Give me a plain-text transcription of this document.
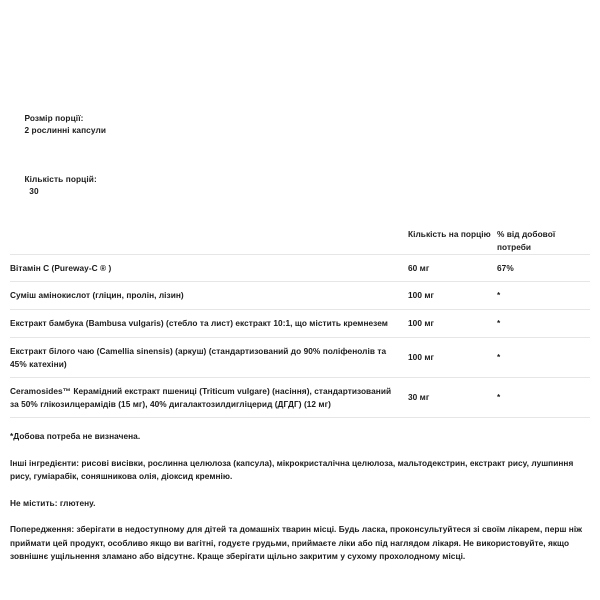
Розмір порції:
2 рослинні капсули

Кількість порцій:
30

	Кількість на порцію	% від добової потреби
Вітамін C (Pureway-C ® )	60 мг	67%
Суміш амінокислот (гліцин, пролін, лізин)	100 мг	*
Екстракт бамбука (Bambusa vulgaris) (стебло та лист) екстракт 10:1, що містить кремнезем	100 мг	*
Екстракт білого чаю (Camellia sinensis) (аркуш) (стандартизований до 90% поліфенолів та 45% катехіни)	100 мг	*
Ceramosides™ Керамідний екстракт пшениці (Triticum vulgare) (насіння), стандартизований за 50% глікозилцерамідів (15 мг), 40% дигалактозилдигліцерид (ДГДГ) (12 мг)	30 мг	*

*Добова потреба не визначена.

Інші інгредієнти: рисові висівки, рослинна целюлоза (капсула), мікрокристалічна целюлоза, мальтодекстрин, екстракт рису, лушпиння рису, гуміарабік, соняшникова олія, діоксид кремнію.

Не містить: глютену.

Попередження: зберігати в недоступному для дітей та домашніх тварин місці. Будь ласка, проконсультуйтеся зі своїм лікарем, перш ніж приймати цей продукт, особливо якщо ви вагітні, годуєте грудьми, приймаєте ліки або під наглядом лікаря. Не використовуйте, якщо зовнішнє ущільнення зламано або відсутнє. Краще зберігати щільно закритим у сухому прохолодному місці.
